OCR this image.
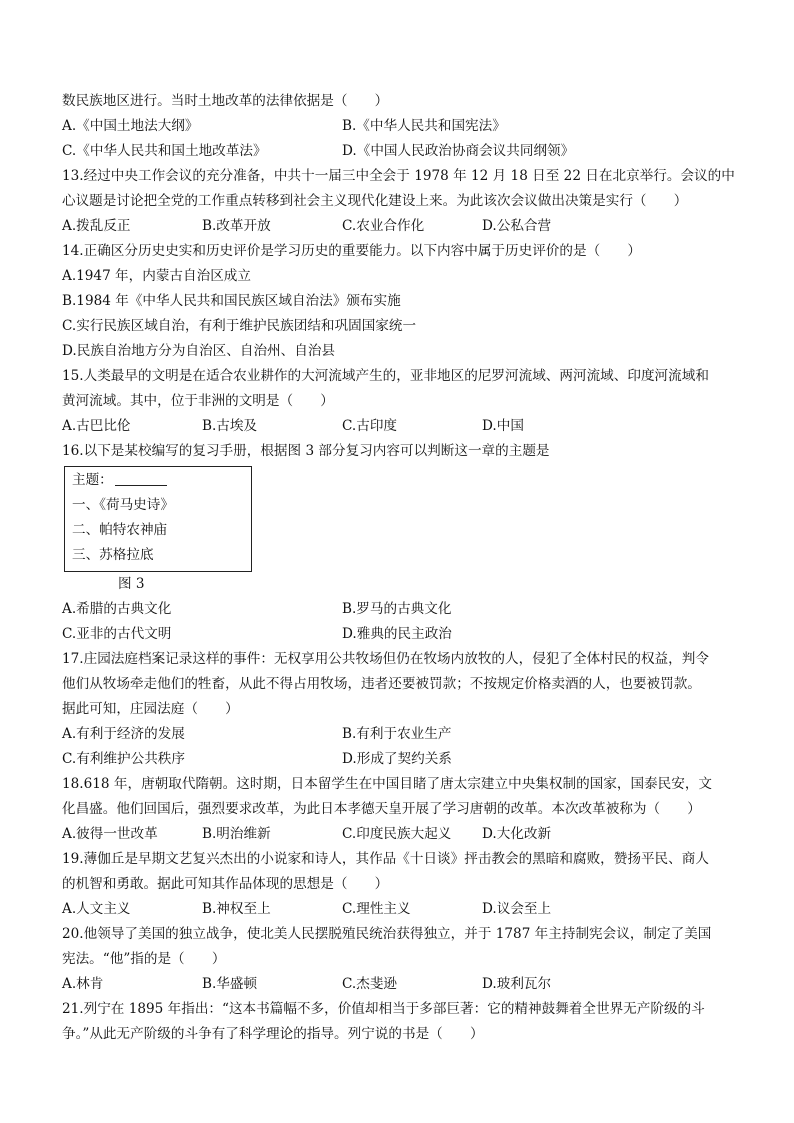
数民族地区进行。当时土地改革的法律依据是（　　）
A.《中国土地法大纲》	B.《中华人民共和国宪法》
C.《中华人民共和国土地改革法》	D.《中国人民政治协商会议共同纲领》
13.经过中央工作会议的充分准备，中共十一届三中全会于 1978 年 12 月 18 日至 22 日在北京举行。会议的中
心议题是讨论把全党的工作重点转移到社会主义现代化建设上来。为此该次会议做出决策是实行（　　）
A.拨乱反正	B.改革开放	C.农业合作化	D.公私合营
14.正确区分历史史实和历史评价是学习历史的重要能力。以下内容中属于历史评价的是（　　）
A.1947 年，内蒙古自治区成立
B.1984 年《中华人民共和国民族区域自治法》颁布实施
C.实行民族区域自治，有利于维护民族团结和巩固国家统一
D.民族自治地方分为自治区、自治州、自治县
15.人类最早的文明是在适合农业耕作的大河流域产生的，亚非地区的尼罗河流域、两河流域、印度河流域和
黄河流域。其中，位于非洲的文明是（　　）
A.古巴比伦	B.古埃及	C.古印度	D.中国
16.以下是某校编写的复习手册，根据图 3 部分复习内容可以判断这一章的主题是
主题：
一、《荷马史诗》
二、帕特农神庙
三、苏格拉底
图 3
A.希腊的古典文化	B.罗马的古典文化
C.亚非的古代文明	D.雅典的民主政治
17.庄园法庭档案记录这样的事件：无权享用公共牧场但仍在牧场内放牧的人，侵犯了全体村民的权益，判令
他们从牧场牵走他们的牲畜，从此不得占用牧场，违者还要被罚款；不按规定价格卖酒的人，也要被罚款。
据此可知，庄园法庭（　　）
A.有利于经济的发展	B.有利于农业生产
C.有利维护公共秩序	D.形成了契约关系
18.618 年，唐朝取代隋朝。这时期，日本留学生在中国目睹了唐太宗建立中央集权制的国家，国泰民安，文
化昌盛。他们回国后，强烈要求改革，为此日本孝德天皇开展了学习唐朝的改革。本次改革被称为（　　）
A.彼得一世改革	B.明治维新	C.印度民族大起义	D.大化改新
19.薄伽丘是早期文艺复兴杰出的小说家和诗人，其作品《十日谈》抨击教会的黑暗和腐败，赞扬平民、商人
的机智和勇敢。据此可知其作品体现的思想是（　　）
A.人文主义	B.神权至上	C.理性主义	D.议会至上
20.他领导了美国的独立战争，使北美人民摆脱殖民统治获得独立，并于 1787 年主持制宪会议，制定了美国
宪法。“他”指的是（　　）
A.林肯	B.华盛顿	C.杰斐逊	D.玻利瓦尔
21.列宁在 1895 年指出：“这本书篇幅不多，价值却相当于多部巨著：它的精神鼓舞着全世界无产阶级的斗
争。”从此无产阶级的斗争有了科学理论的指导。列宁说的书是（　　）
